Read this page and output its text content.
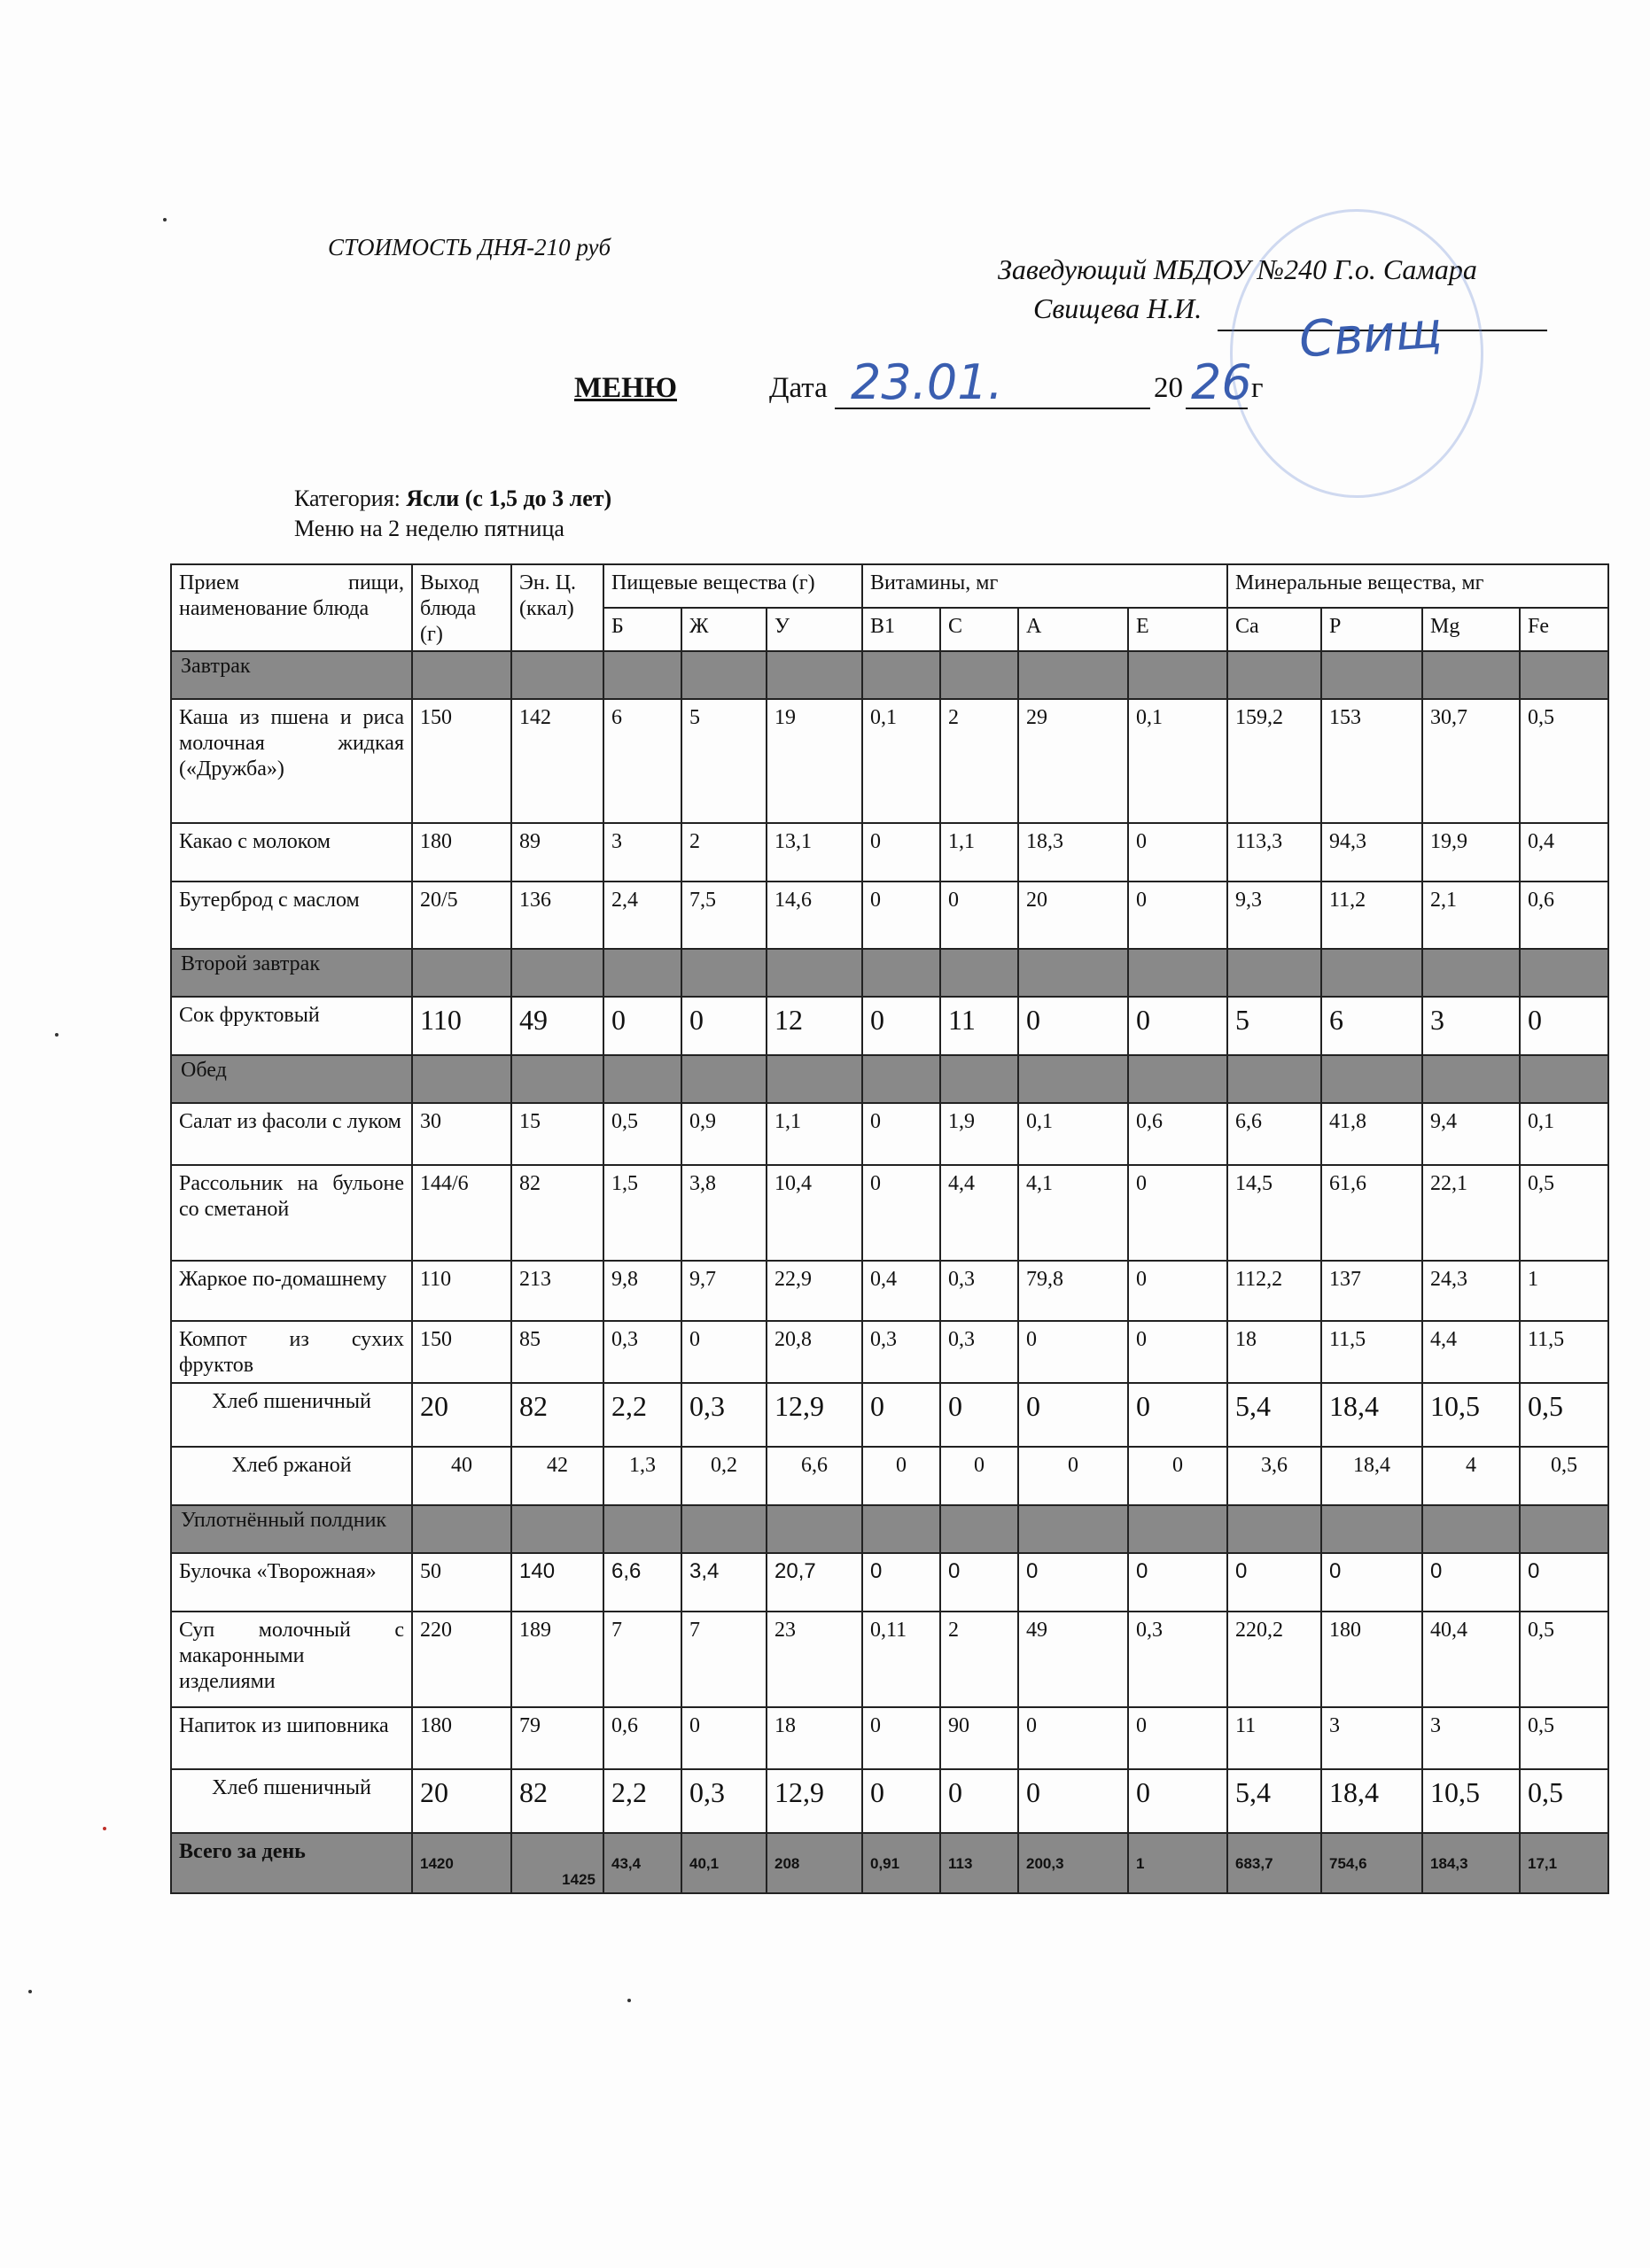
СТОИМОСТЬ ДНЯ-210 руб
Заведующий МБДОУ №240 Г.о. Самара
Свищева Н.И. Свищ
МЕНЮ	Дата 23.01.	20 26 г
Категория: Ясли (с 1,5 до 3 лет)
Меню на 2 неделю пятница
Прием пищи, наименование блюда	Выход блюда (г)	Эн. Ц. (ккал)	Пищевые вещества (г)			Витамины, мг				Минеральные вещества, мг			
			Б	Ж	У	В1	С	А	Е	Са	Р	Mg	Fe
Завтрак													
Каша из пшена и риса молочная жидкая («Дружба»)	150	142	6	5	19	0,1	2	29	0,1	159,2	153	30,7	0,5
Какао с молоком	180	89	3	2	13,1	0	1,1	18,3	0	113,3	94,3	19,9	0,4
Бутерброд с маслом	20/5	136	2,4	7,5	14,6	0	0	20	0	9,3	11,2	2,1	0,6
Второй завтрак													
Сок фруктовый	110	49	0	0	12	0	11	0	0	5	6	3	0
Обед													
Салат из фасоли с луком	30	15	0,5	0,9	1,1	0	1,9	0,1	0,6	6,6	41,8	9,4	0,1
Рассольник на бульоне со сметаной	144/6	82	1,5	3,8	10,4	0	4,4	4,1	0	14,5	61,6	22,1	0,5
Жаркое по-домашнему	110	213	9,8	9,7	22,9	0,4	0,3	79,8	0	112,2	137	24,3	1
Компот из сухих фруктов	150	85	0,3	0	20,8	0,3	0,3	0	0	18	11,5	4,4	11,5
Хлеб пшеничный	20	82	2,2	0,3	12,9	0	0	0	0	5,4	18,4	10,5	0,5
Хлеб ржаной	40	42	1,3	0,2	6,6	0	0	0	0	3,6	18,4	4	0,5
Уплотнённый полдник													
Булочка «Творожная»	50	140	6,6	3,4	20,7	0	0	0	0	0	0	0	0
Суп молочный с макаронными изделиями	220	189	7	7	23	0,11	2	49	0,3	220,2	180	40,4	0,5
Напиток из шиповника	180	79	0,6	0	18	0	90	0	0	11	3	3	0,5
Хлеб пшеничный	20	82	2,2	0,3	12,9	0	0	0	0	5,4	18,4	10,5	0,5
Всего за день	1420	1425	43,4	40,1	208	0,91	113	200,3	1	683,7	754,6	184,3	17,1
